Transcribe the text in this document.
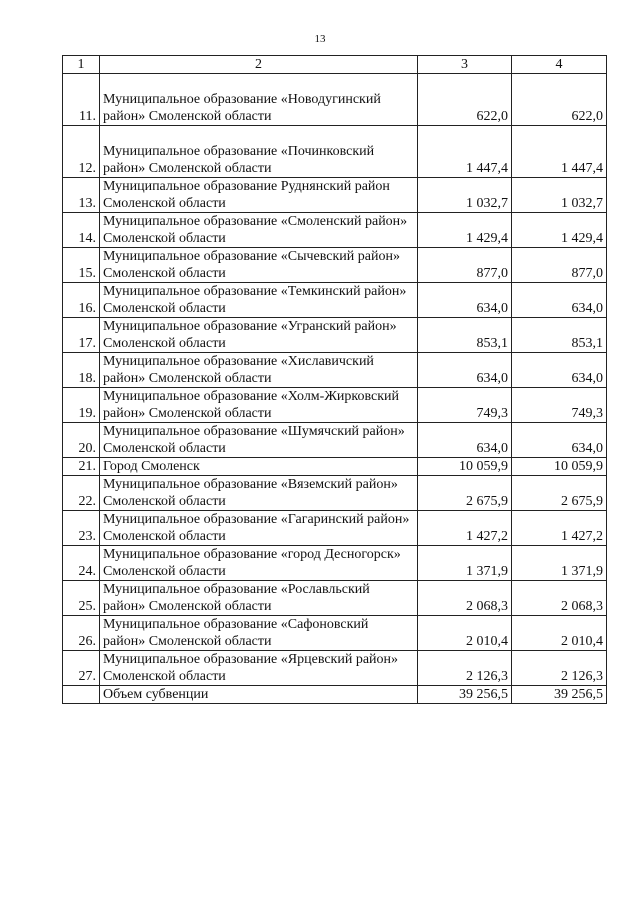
13
1	2	3	4
11.	Муниципальное образование «Новодугинский район» Смоленской области	622,0	622,0
12.	Муниципальное образование «Починковский район» Смоленской области	1 447,4	1 447,4
13.	Муниципальное образование Руднянский район Смоленской области	1 032,7	1 032,7
14.	Муниципальное образование «Смоленский район» Смоленской области	1 429,4	1 429,4
15.	Муниципальное образование «Сычевский район» Смоленской области	877,0	877,0
16.	Муниципальное образование «Темкинский район» Смоленской области	634,0	634,0
17.	Муниципальное образование «Угранский район» Смоленской области	853,1	853,1
18.	Муниципальное образование «Хиславичский район» Смоленской области	634,0	634,0
19.	Муниципальное образование «Холм-Жирковский район» Смоленской области	749,3	749,3
20.	Муниципальное образование «Шумячский район» Смоленской области	634,0	634,0
21.	Город Смоленск	10 059,9	10 059,9
22.	Муниципальное образование «Вяземский район» Смоленской области	2 675,9	2 675,9
23.	Муниципальное образование «Гагаринский район» Смоленской области	1 427,2	1 427,2
24.	Муниципальное образование «город Десногорск» Смоленской области	1 371,9	1 371,9
25.	Муниципальное образование «Рославльский район» Смоленской области	2 068,3	2 068,3
26.	Муниципальное образование «Сафоновский район» Смоленской области	2 010,4	2 010,4
27.	Муниципальное образование «Ярцевский район» Смоленской области	2 126,3	2 126,3
	Объем субвенции	39 256,5	39 256,5
